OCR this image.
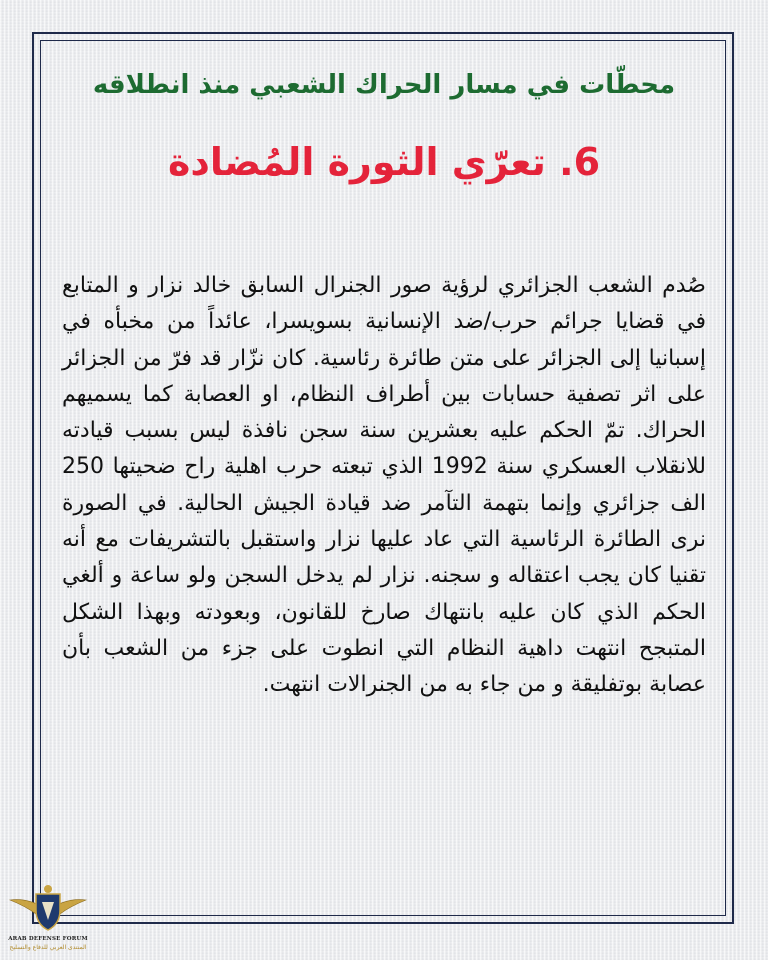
محطّات في مسار الحراك الشعبي منذ انطلاقه
6. تعرّي الثورة المُضادة
صُدم الشعب الجزائري لرؤية صور الجنرال السابق خالد نزار و المتابع في قضايا جرائم حرب/ضد الإنسانية بسويسرا، عائداً من مخبأه في إسبانيا إلى الجزائر على متن طائرة رئاسية. كان نزّار قد فرّ من الجزائر على اثر تصفية حسابات بين أطراف النظام، او العصابة كما يسميهم الحراك. تمّ الحكم عليه بعشرين سنة سجن نافذة ليس بسبب قيادته للانقلاب العسكري سنة 1992 الذي تبعته حرب اهلية راح ضحيتها 250 الف جزائري وإنما بتهمة التآمر ضد قيادة الجيش الحالية. في الصورة نرى الطائرة الرئاسية التي عاد عليها نزار واستقبل بالتشريفات مع أنه تقنيا كان يجب اعتقاله و سجنه. نزار لم يدخل السجن ولو ساعة و ألغي الحكم الذي كان عليه بانتهاك صارخ للقانون، وبعودته وبهذا الشكل المتبجح انتهت داهية النظام التي انطوت على جزء من الشعب بأن عصابة بوتفليقة و من جاء به من الجنرالات انتهت.
ARAB DEFENSE FORUM
المنتدى العربي للدفاع والتسليح
